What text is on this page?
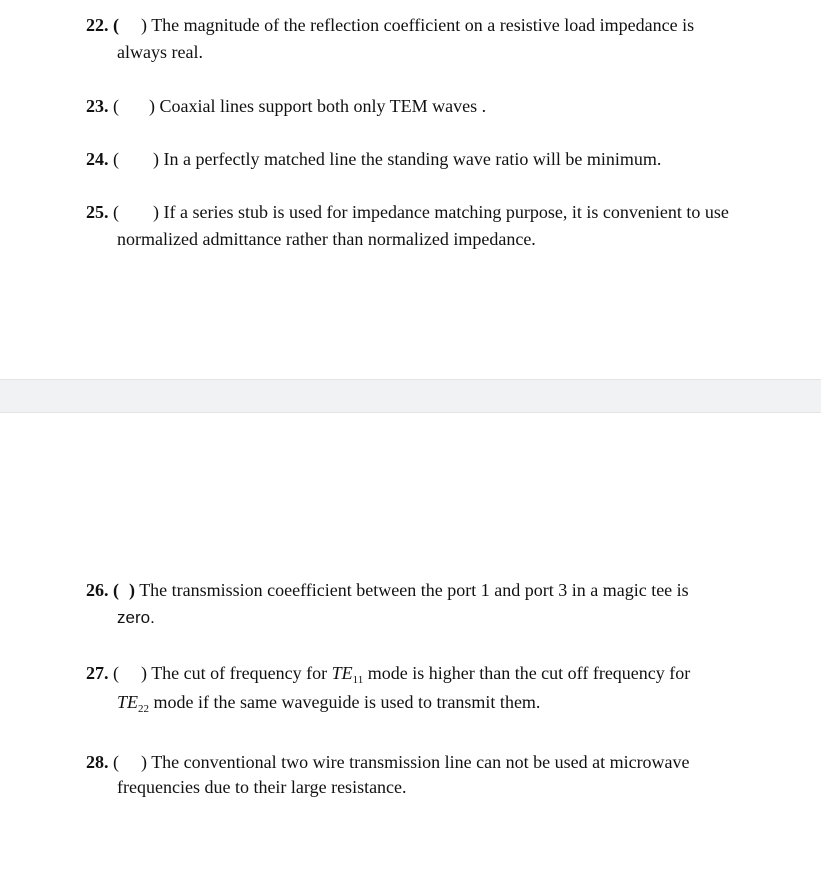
22. ( ) The magnitude of the reflection coefficient on a resistive load impedance is
always real.
23. ( ) Coaxial lines support both only TEM waves .
24. ( ) In a perfectly matched line the standing wave ratio will be minimum.
25. ( ) If a series stub is used for impedance matching purpose, it is convenient to use
normalized admittance rather than normalized impedance.
26. ( ) The transmission coeefficient between the port 1 and port 3 in a magic tee is
zero.
27. ( ) The cut of frequency for $TE_{11}$ mode is higher than the cut off frequency for
$TE_{22}$ mode if the same waveguide is used to transmit them.
28. ( ) The conventional two wire transmission line can not be used at microwave
frequencies due to their large resistance.
